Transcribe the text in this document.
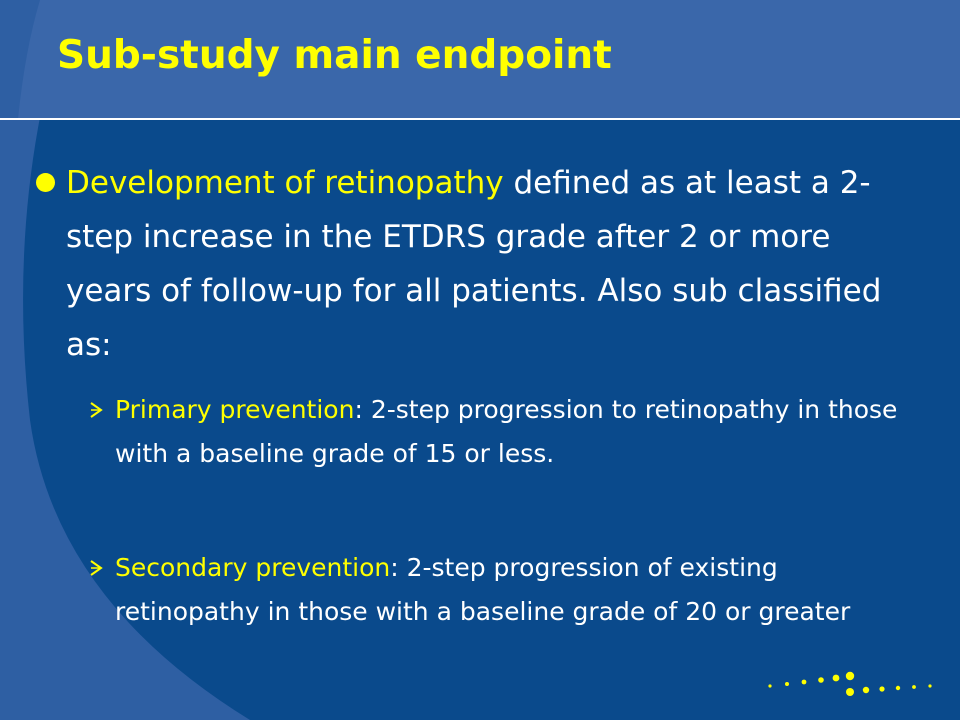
Sub-study main endpoint
Development of retinopathy defined as at least a 2-step increase in the ETDRS grade after 2 or more years of follow-up for all patients. Also sub classified as:
Primary prevention: 2-step progression to retinopathy in those with a baseline grade of 15 or less.
Secondary prevention: 2-step progression of existing retinopathy in those with a baseline grade of 20 or greater
